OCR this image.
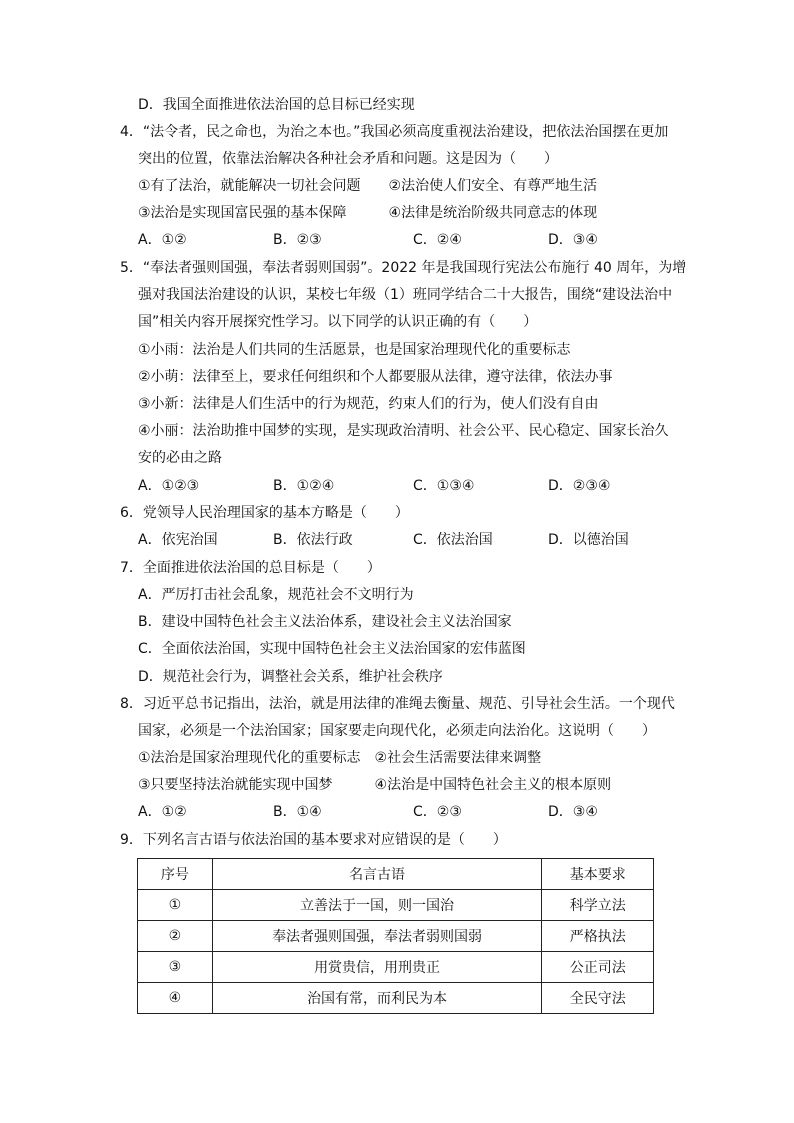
D．我国全面推进依法治国的总目标已经实现
4．“法令者，民之命也，为治之本也。”我国必须高度重视法治建设，把依法治国摆在更加
突出的位置，依靠法治解决各种社会矛盾和问题。这是因为（　　）
①有了法治，就能解决一切社会问题　　②法治使人们安全、有尊严地生活
③法治是实现国富民强的基本保障　　　④法律是统治阶级共同意志的体现
A．①②	B．②③	C．②④	D．③④
5．“奉法者强则国强，奉法者弱则国弱”。2022 年是我国现行宪法公布施行 40 周年，为增
强对我国法治建设的认识，某校七年级（1）班同学结合二十大报告，围绕“建设法治中
国”相关内容开展探究性学习。以下同学的认识正确的有（　　）
①小雨：法治是人们共同的生活愿景，也是国家治理现代化的重要标志
②小萌：法律至上，要求任何组织和个人都要服从法律，遵守法律，依法办事
③小新：法律是人们生活中的行为规范，约束人们的行为，使人们没有自由
④小丽：法治助推中国梦的实现，是实现政治清明、社会公平、民心稳定、国家长治久
安的必由之路
A．①②③	B．①②④	C．①③④	D．②③④
6．党领导人民治理国家的基本方略是（　　）
A．依宪治国	B．依法行政	C．依法治国	D．以德治国
7．全面推进依法治国的总目标是（　　）
A．严厉打击社会乱象，规范社会不文明行为
B．建设中国特色社会主义法治体系，建设社会主义法治国家
C．全面依法治国，实现中国特色社会主义法治国家的宏伟蓝图
D．规范社会行为，调整社会关系，维护社会秩序
8．习近平总书记指出，法治，就是用法律的准绳去衡量、规范、引导社会生活。一个现代
国家，必须是一个法治国家；国家要走向现代化，必须走向法治化。这说明（　　）
①法治是国家治理现代化的重要标志　②社会生活需要法律来调整
③只要坚持法治就能实现中国梦　　　④法治是中国特色社会主义的根本原则
A．①②	B．①④	C．②③	D．③④
9．下列名言古语与依法治国的基本要求对应错误的是（　　）
序号	名言古语	基本要求
①	立善法于一国，则一国治	科学立法
②	奉法者强则国强，奉法者弱则国弱	严格执法
③	用赏贵信，用刑贵正	公正司法
④	治国有常，而利民为本	全民守法
